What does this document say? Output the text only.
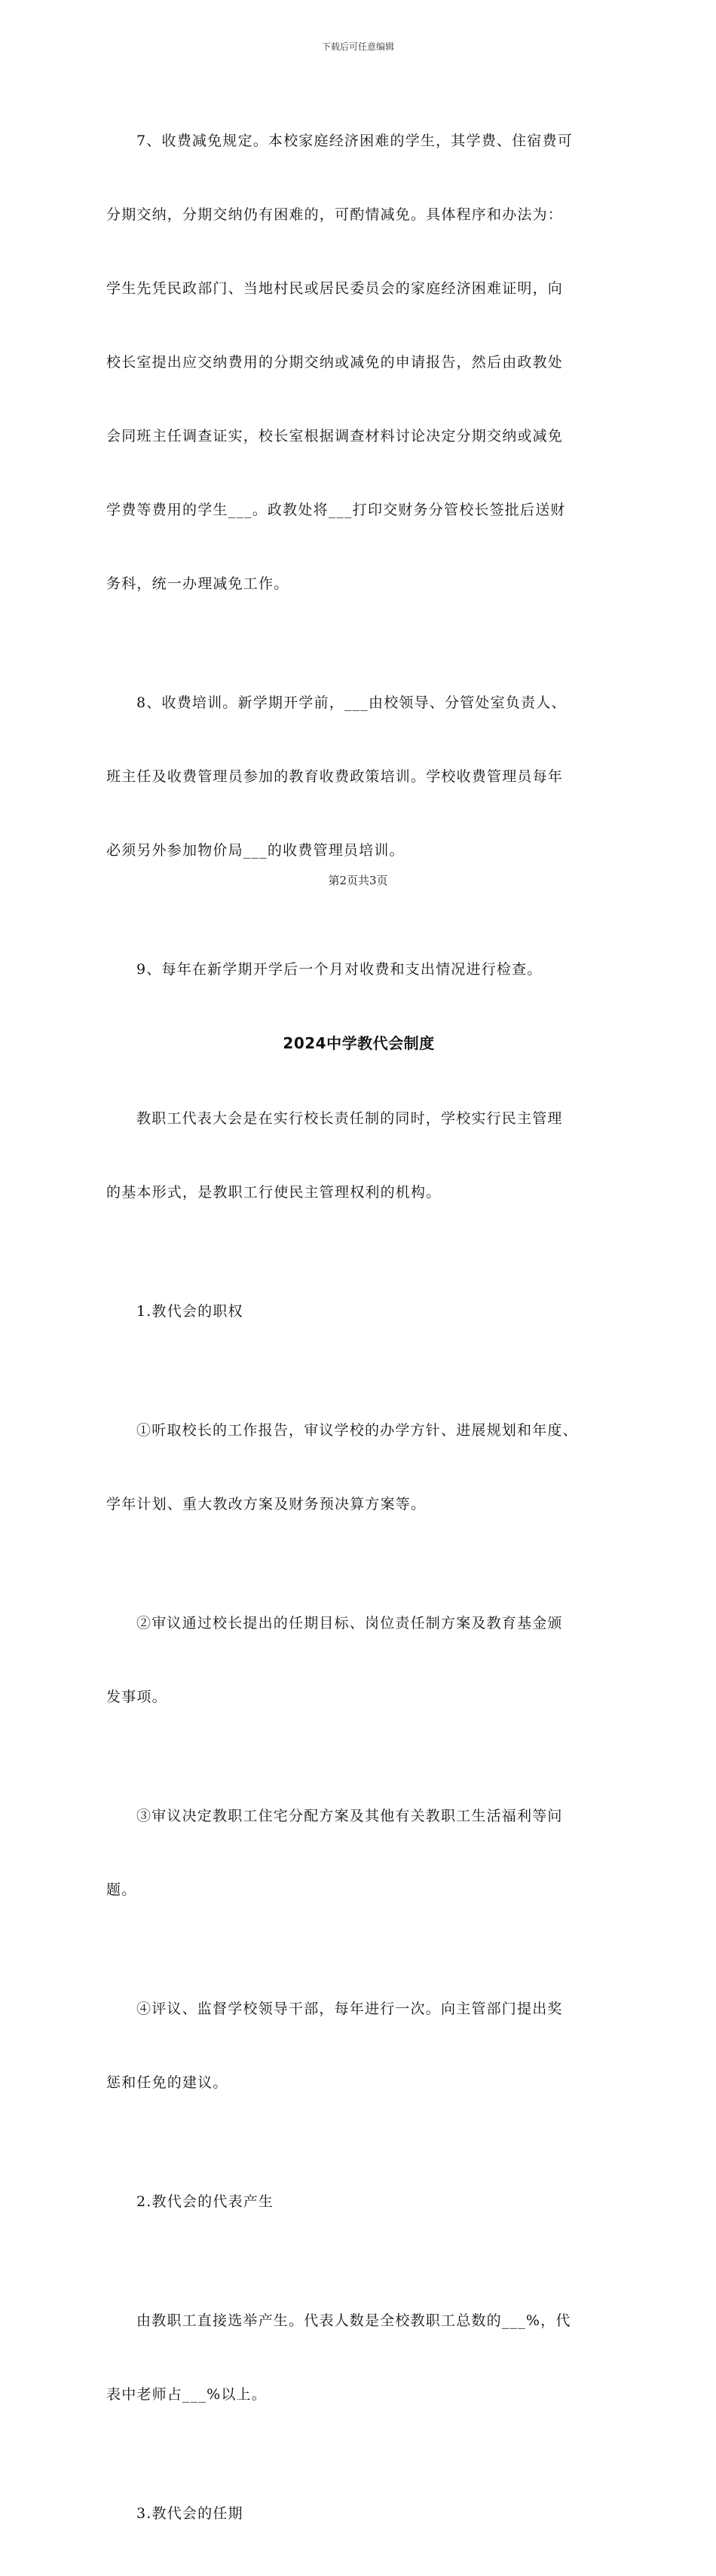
下载后可任意编辑

7、收费减免规定。本校家庭经济困难的学生，其学费、住宿费可

分期交纳，分期交纳仍有困难的，可酌情减免。具体程序和办法为：

学生先凭民政部门、当地村民或居民委员会的家庭经济困难证明，向

校长室提出应交纳费用的分期交纳或减免的申请报告，然后由政教处

会同班主任调查证实，校长室根据调查材料讨论决定分期交纳或减免

学费等费用的学生___。政教处将___打印交财务分管校长签批后送财

务科，统一办理减免工作。

8、收费培训。新学期开学前，___由校领导、分管处室负责人、

班主任及收费管理员参加的教育收费政策培训。学校收费管理员每年

必须另外参加物价局___的收费管理员培训。

9、每年在新学期开学后一个月对收费和支出情况进行检查。

2024中学教代会制度

教职工代表大会是在实行校长责任制的同时，学校实行民主管理

的基本形式，是教职工行使民主管理权利的机构。

1.教代会的职权

①听取校长的工作报告，审议学校的办学方针、进展规划和年度、

学年计划、重大教改方案及财务预决算方案等。

②审议通过校长提出的任期目标、岗位责任制方案及教育基金颁

发事项。

③审议决定教职工住宅分配方案及其他有关教职工生活福利等问

题。

④评议、监督学校领导干部，每年进行一次。向主管部门提出奖

惩和任免的建议。

2.教代会的代表产生

由教职工直接选举产生。代表人数是全校教职工总数的___%，代

表中老师占___%以上。

3.教代会的任期

第2页共3页
